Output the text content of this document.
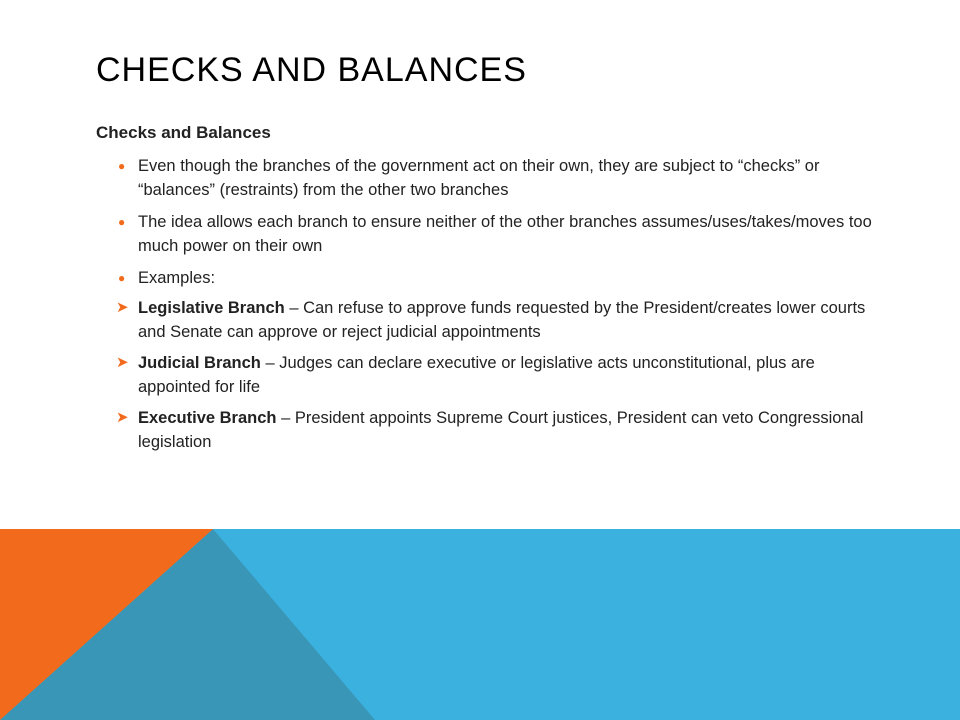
CHECKS AND BALANCES
Checks and Balances
● Even though the branches of the government act on their own, they are subject to “checks” or “balances” (restraints) from the other two branches
● The idea allows each branch to ensure neither of the other branches assumes/uses/takes/moves too much power on their own
● Examples:
➤ Legislative Branch – Can refuse to approve funds requested by the President/creates lower courts and Senate can approve or reject judicial appointments
➤ Judicial Branch – Judges can declare executive or legislative acts unconstitutional, plus are appointed for life
➤ Executive Branch – President appoints Supreme Court justices, President can veto Congressional legislation
